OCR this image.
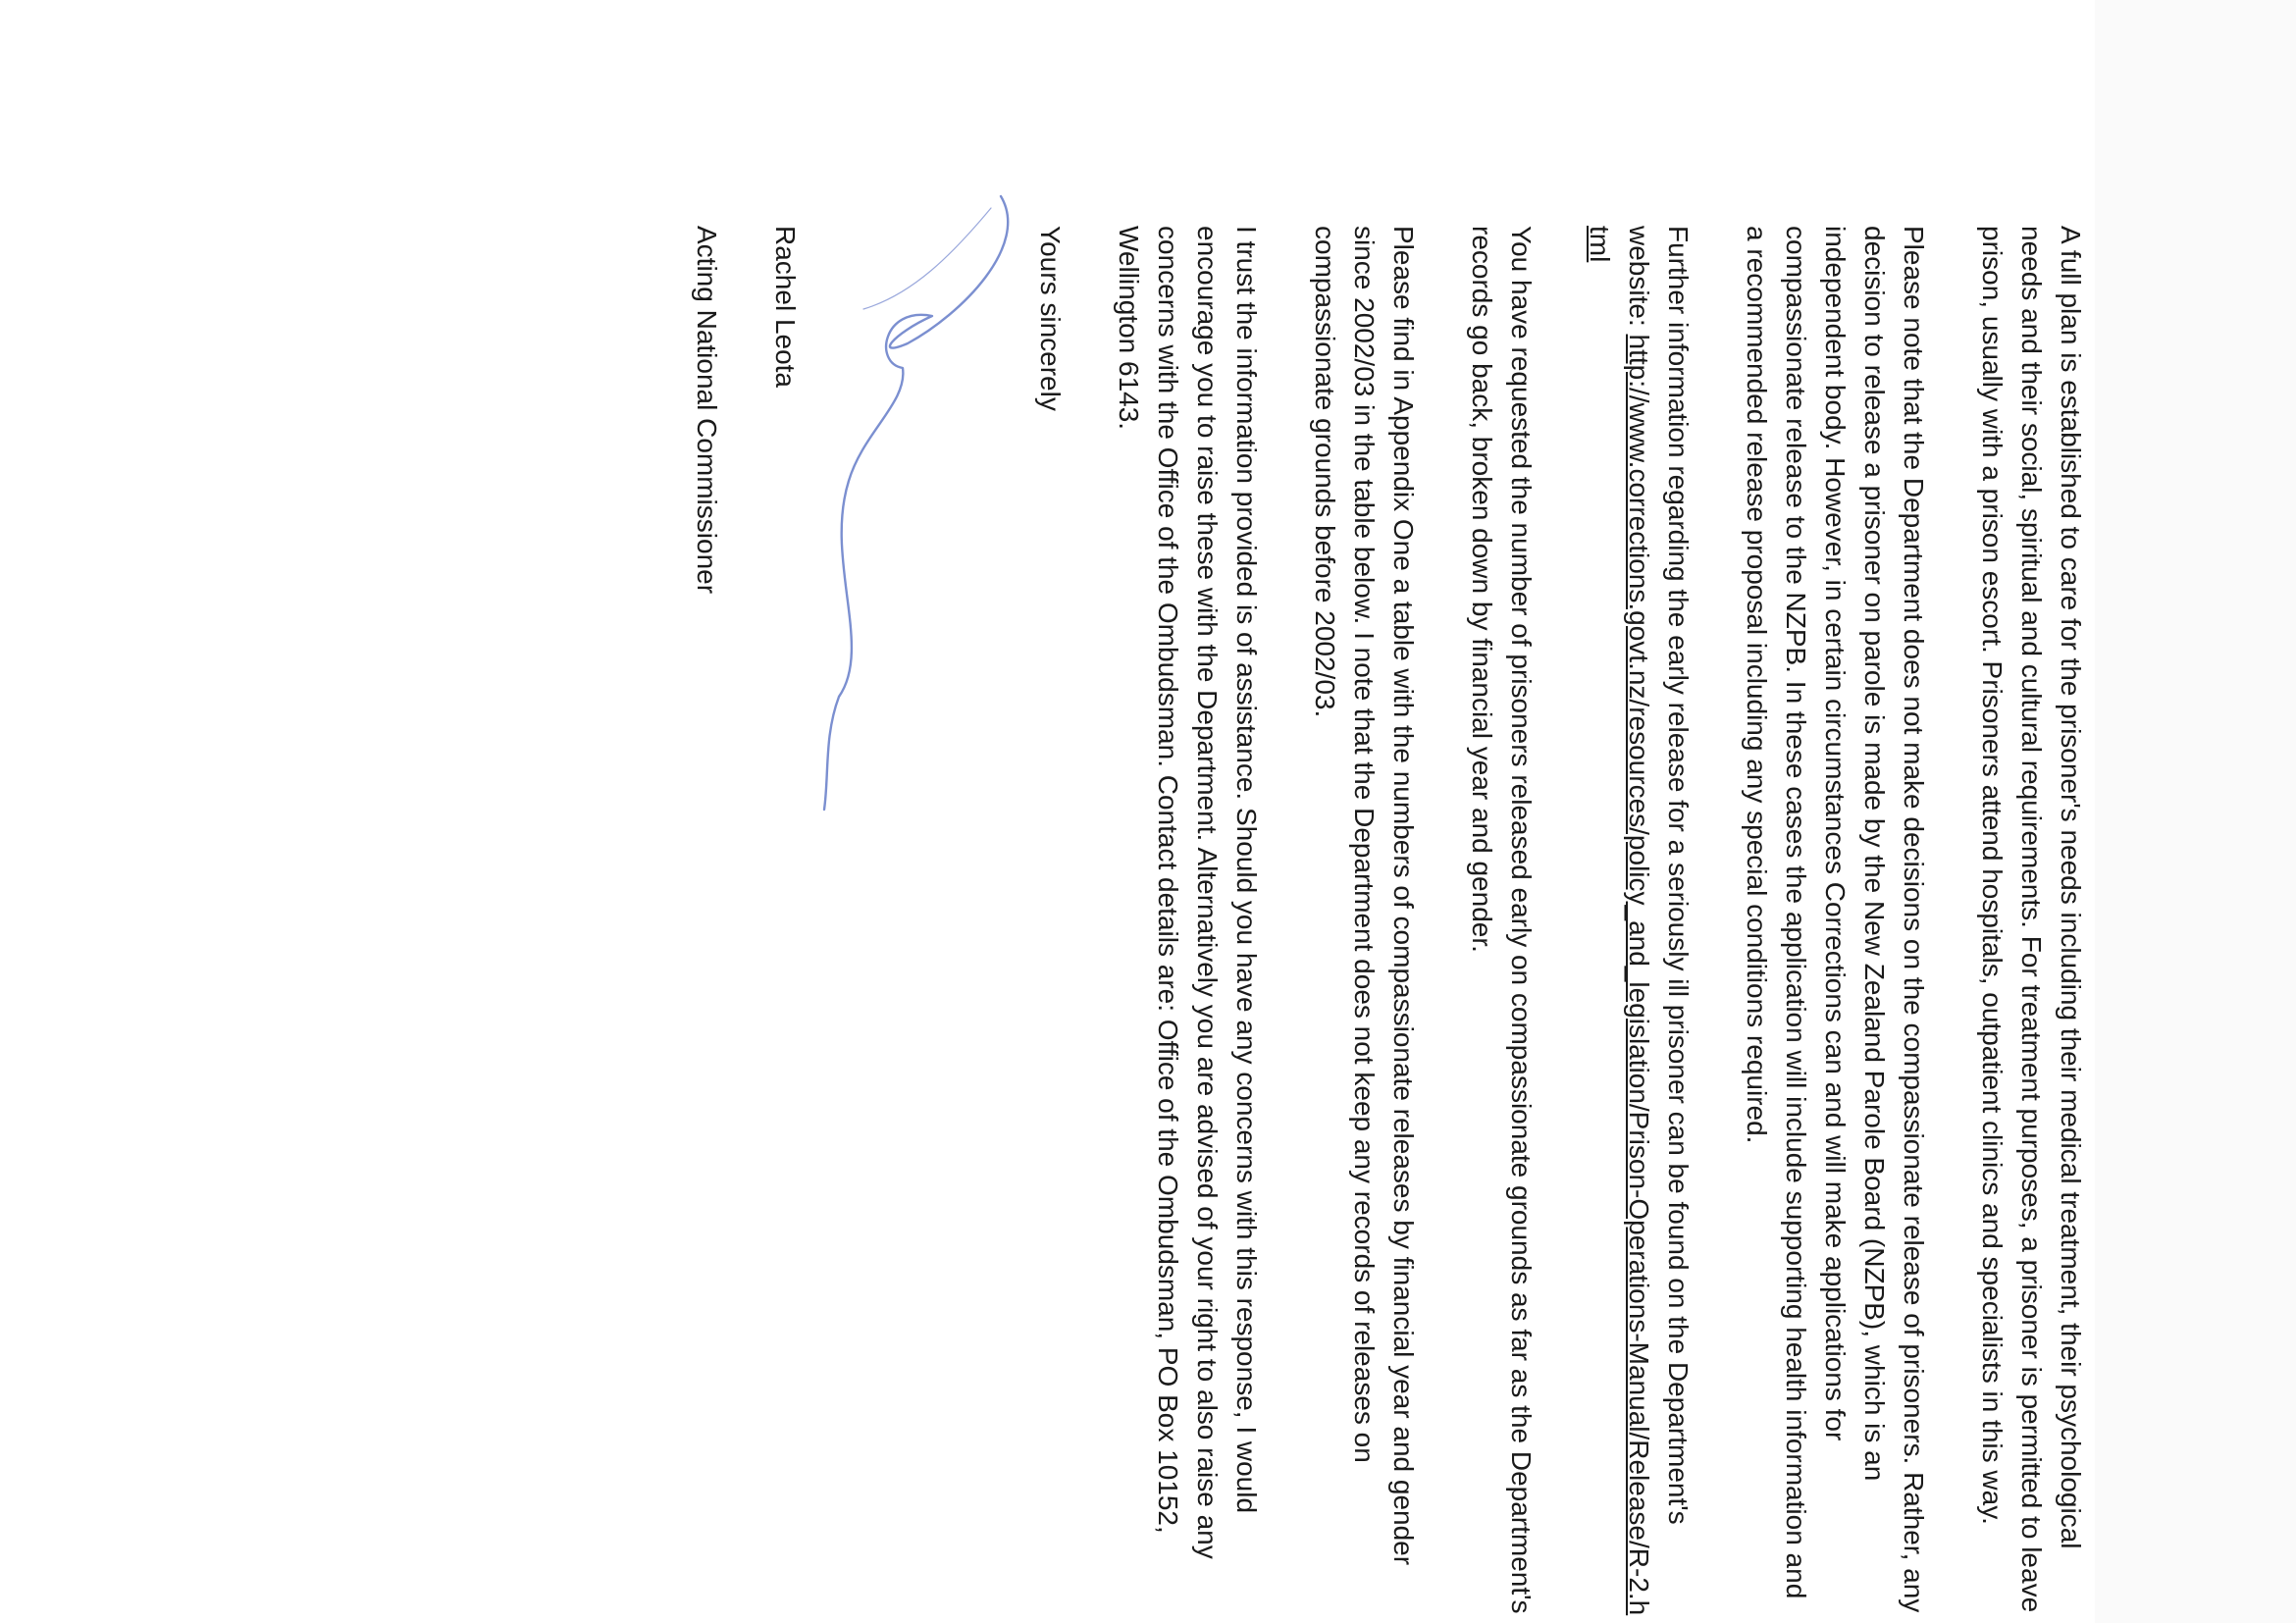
A full plan is established to care for the prisoner's needs including their medical treatment, their psychological needs and their social, spiritual and cultural requirements. For treatment purposes, a prisoner is permitted to leave prison, usually with a prison escort. Prisoners attend hospitals, outpatient clinics and specialists in this way.

Please note that the Department does not make decisions on the compassionate release of prisoners. Rather, any decision to release a prisoner on parole is made by the New Zealand Parole Board (NZPB), which is an independent body. However, in certain circumstances Corrections can and will make applications for compassionate release to the NZPB. In these cases the application will include supporting health information and a recommended release proposal including any special conditions required.

Further information regarding the early release for a seriously ill prisoner can be found on the Department's website: http://www.corrections.govt.nz/resources/policy_and_legislation/Prison-Operations-Manual/Release/R-2.html

You have requested the number of prisoners released early on compassionate grounds as far as the Department's records go back, broken down by financial year and gender.

Please find in Appendix One a table with the numbers of compassionate releases by financial year and gender since 2002/03 in the table below. I note that the Department does not keep any records of releases on compassionate grounds before 2002/03.

I trust the information provided is of assistance. Should you have any concerns with this response, I would encourage you to raise these with the Department. Alternatively you are advised of your right to also raise any concerns with the Office of the Ombudsman. Contact details are: Office of the Ombudsman, PO Box 10152, Wellington 6143.

Yours sincerely

Rachel Leota

Acting National Commissioner
